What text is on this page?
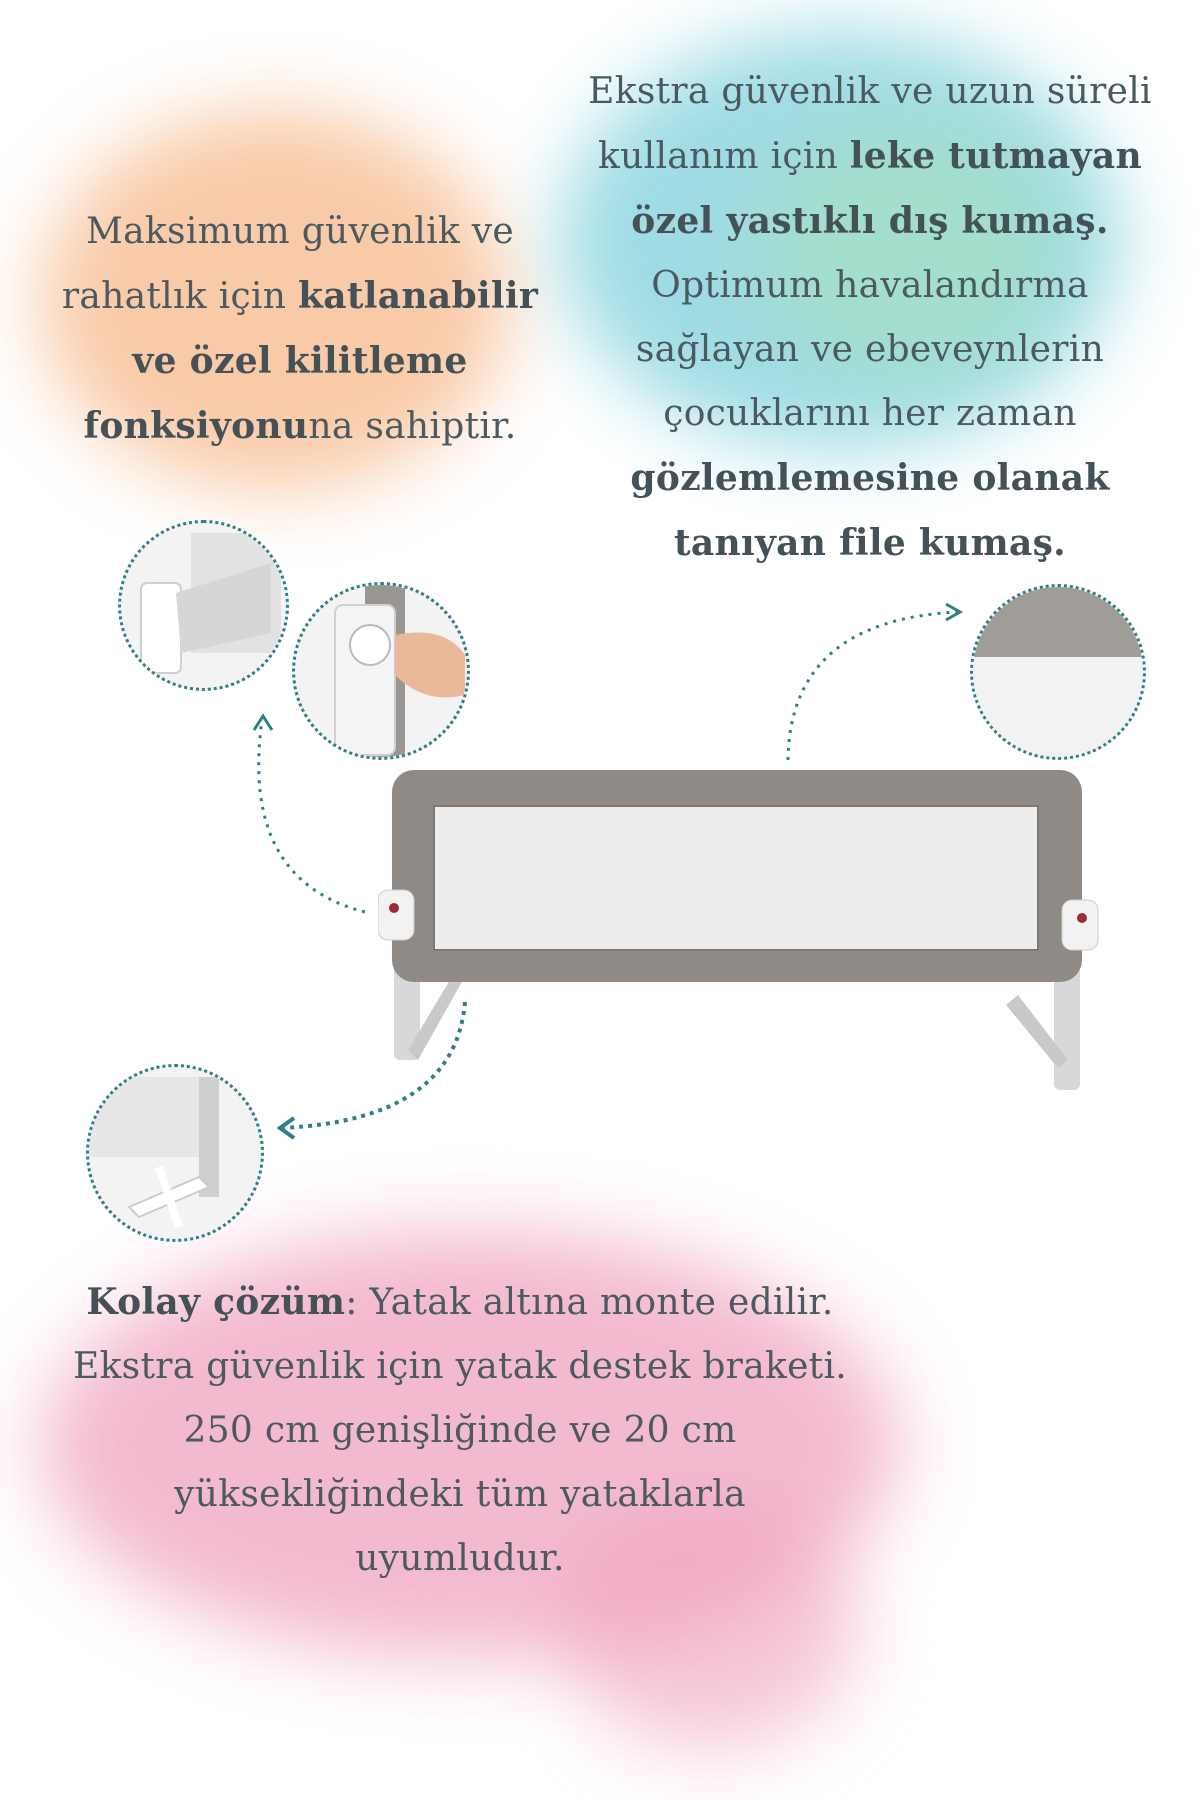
Maksimum güvenlik ve
rahatlık için katlanabilir
ve özel kilitleme
fonksiyonuna sahiptir.
Ekstra güvenlik ve uzun süreli
kullanım için leke tutmayan
özel yastıklı dış kumaş.
Optimum havalandırma
sağlayan ve ebeveynlerin
çocuklarını her zaman
gözlemlemesine olanak
tanıyan file kumaş.
Kolay çözüm: Yatak altına monte edilir.
Ekstra güvenlik için yatak destek braketi.
250 cm genişliğinde ve 20 cm
yüksekliğindeki tüm yataklarla
uyumludur.
